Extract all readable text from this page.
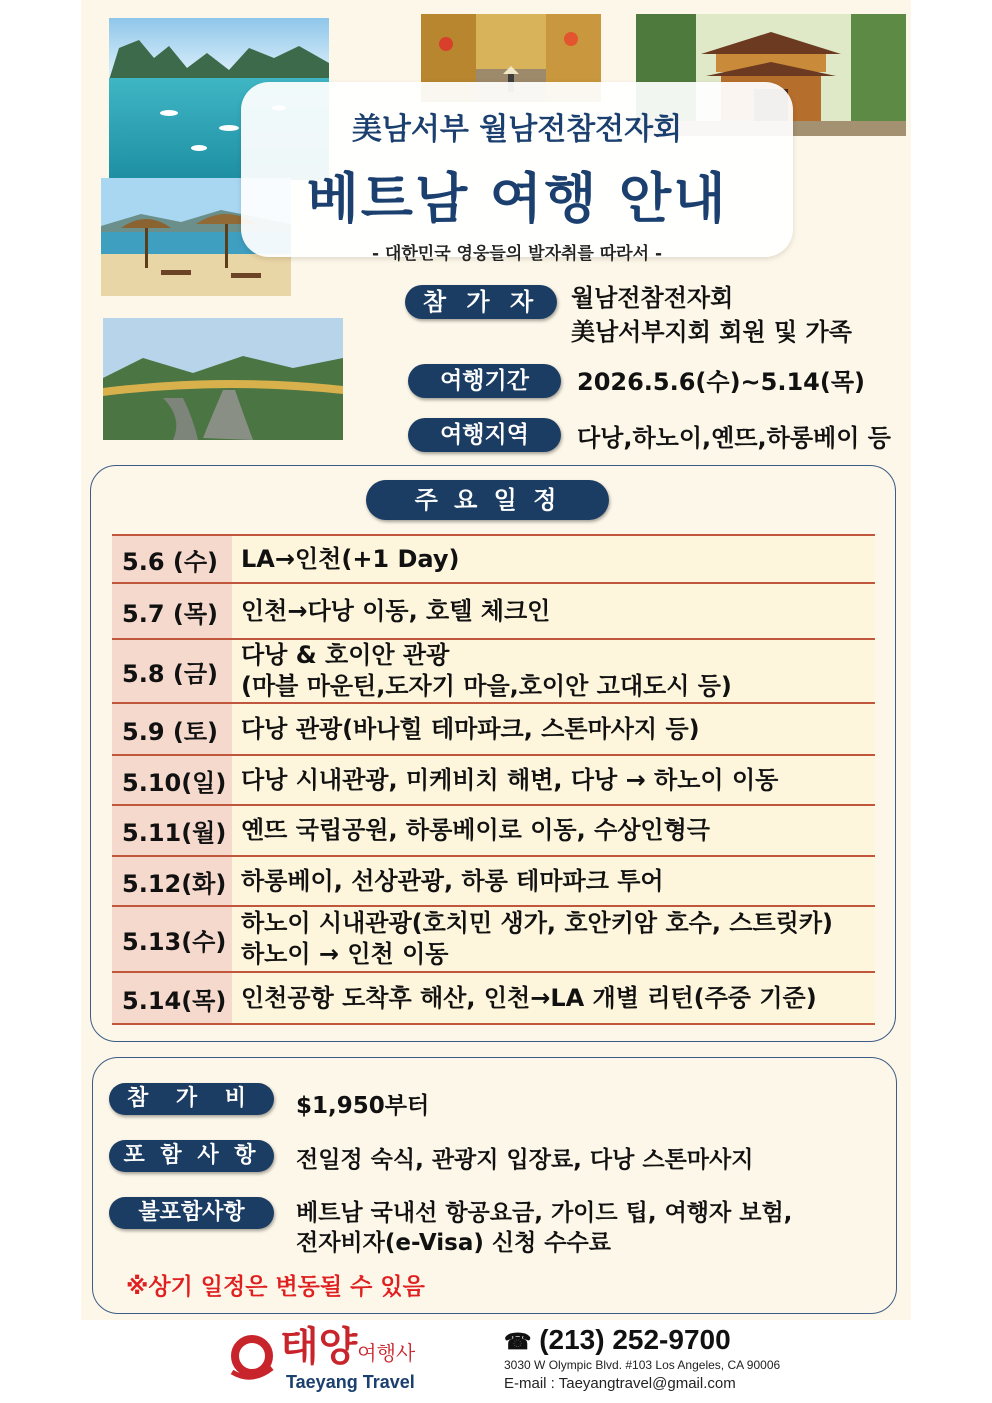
美남서부 월남전참전자회
베트남 여행 안내
- 대한민국 영웅들의 발자취를 따라서 -
참 가 자	월남전참전자회
美남서부지회 회원 및 가족
여행기간	2026.5.6(수)~5.14(목)
여행지역	다낭,하노이,옌뜨,하롱베이 등
주 요 일 정
5.6 (수)	LA→인천(+1 Day)

5.7 (목)	인천→다낭 이동, 호텔 체크인

5.8 (금)	다낭 & 호이안 관광
(마블 마운틴,도자기 마을,호이안 고대도시 등)

5.9 (토)	다낭 관광(바나힐 테마파크, 스톤마사지 등)

5.10(일)	다낭 시내관광, 미케비치 해변, 다낭 → 하노이 이동

5.11(월)	옌뜨 국립공원, 하롱베이로 이동, 수상인형극

5.12(화)	하롱베이, 선상관광, 하롱 테마파크 투어

5.13(수)	하노이 시내관광(호치민 생가, 호안키암 호수, 스트릿카)
하노이 → 인천 이동

5.14(목)	인천공항 도착후 해산, 인천→LA 개별 리턴(주중 기준)
참 가 비	$1,950부터
포 함 사 항	전일정 숙식, 관광지 입장료, 다낭 스톤마사지
불포함사항	베트남 국내선 항공요금, 가이드 팁, 여행자 보험,
전자비자(e-Visa) 신청 수수료
※상기 일정은 변동될 수 있음
태양여행사
Taeyang Travel
☎ (213) 252-9700
3030 W Olympic Blvd. #103 Los Angeles, CA 90006
E-mail : Taeyangtravel@gmail.com
